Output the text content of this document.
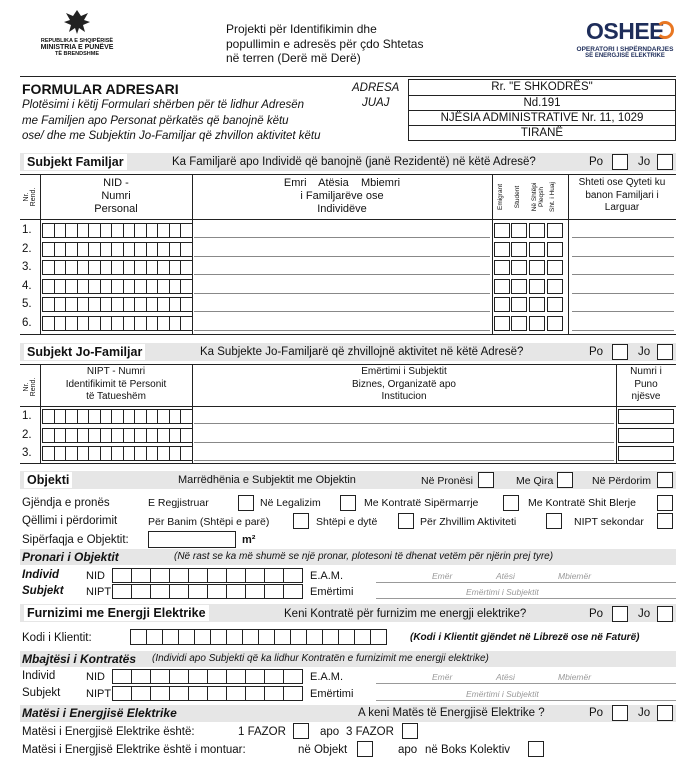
REPUBLIKA E SHQIPËRISË
MINISTRIA E PUNËVE
TË BRENDSHME
Projekti për Identifikimin dhe
popullimin e adresës për çdo Shtetas
në terren (Derë më Derë)
OSHEE
OPERATORI I SHPËRNDARJES
SË ENERGJISË ELEKTRIKE
FORMULAR ADRESARI
Plotësimi i këtij Formulari shërben për të lidhur Adresën
me Familjen apo Personat përkatës që banojnë këtu
ose/ dhe me Subjektin Jo-Familjar që zhvillon aktivitet këtu
ADRESA
JUAJ
Rr. "E SHKODRËS"
Nd.191
NJËSIA ADMINISTRATIVE Nr. 11, 1029
TIRANË
Subjekt Familjar	Ka Familjarë apo Individë që banojnë (janë Rezidentë) në këtë Adresë?	Po	Jo
Nr. Rend.
NID -
Numri
Personal
Emri    Atësia    Mbiemri
i Familjarëve ose
Individëve	Emigrant	Student	Në Shtëpi Pleqsh Sht. i Huaj	Shteti ose Qyteti ku
banon Familjari i
Larguar
1.
2.
3.
4.
5.
6.
Subjekt Jo-Familjar	Ka Subjekte Jo-Familjarë që zhvillojnë aktivitet në këtë Adresë?	Po	Jo
Nr. Rend.
NIPT - Numri
Identifikimit të Personit
të Tatueshëm
Emërtimi i Subjektit
Biznes, Organizatë apo
Institucion
Numri i
Puno
njësve
1.
2.
3.
Objekti	Marrëdhënia e Subjektit me Objektin	Në Pronësi	Me Qira	Në Përdorim
Gjëndja e pronës	E Regjistruar	Në Legalizim	Me Kontratë Sipërmarrje	Me Kontratë Shit Blerje
Qëllimi i përdorimit	Për Banim (Shtëpi e parë)	Shtëpi e dytë	Për Zhvillim Aktiviteti	NIPT sekondar
Sipërfaqja e Objektit:	m²
Pronari i Objektit	(Në rast se ka më shumë se një pronar, plotesoni të dhenat vetëm për njërin prej tyre)
Individ NID	E.A.M.	Emër	Atësi	Mbiemër
Subjekt NIPT	Emërtimi	Emërtimi i Subjektit
Furnizimi me Energji Elektrike	Keni Kontratë për furnizim me energji elektrike?	Po	Jo
Kodi i Klientit:	(Kodi i Klientit gjëndet në Librezë ose në Faturë)
Mbajtësi i Kontratës (Individi apo Subjekti që ka lidhur Kontratën e furnizimit me energji elektrike)
Individ	NID	E.A.M.	Emër	Atësi	Mbiemër
Subjekt NIPT	Emërtimi	Emërtimi i Subjektit
Matësi i Energjisë Elektrike	A keni Matës të Energjisë Elektrike ?	Po	Jo
Matësi i Energjisë Elektrike është:	1 FAZOR	apo 3 FAZOR
Matësi i Energjisë Elektrike është i montuar:	në Objekt	apo në Boks Kolektiv
